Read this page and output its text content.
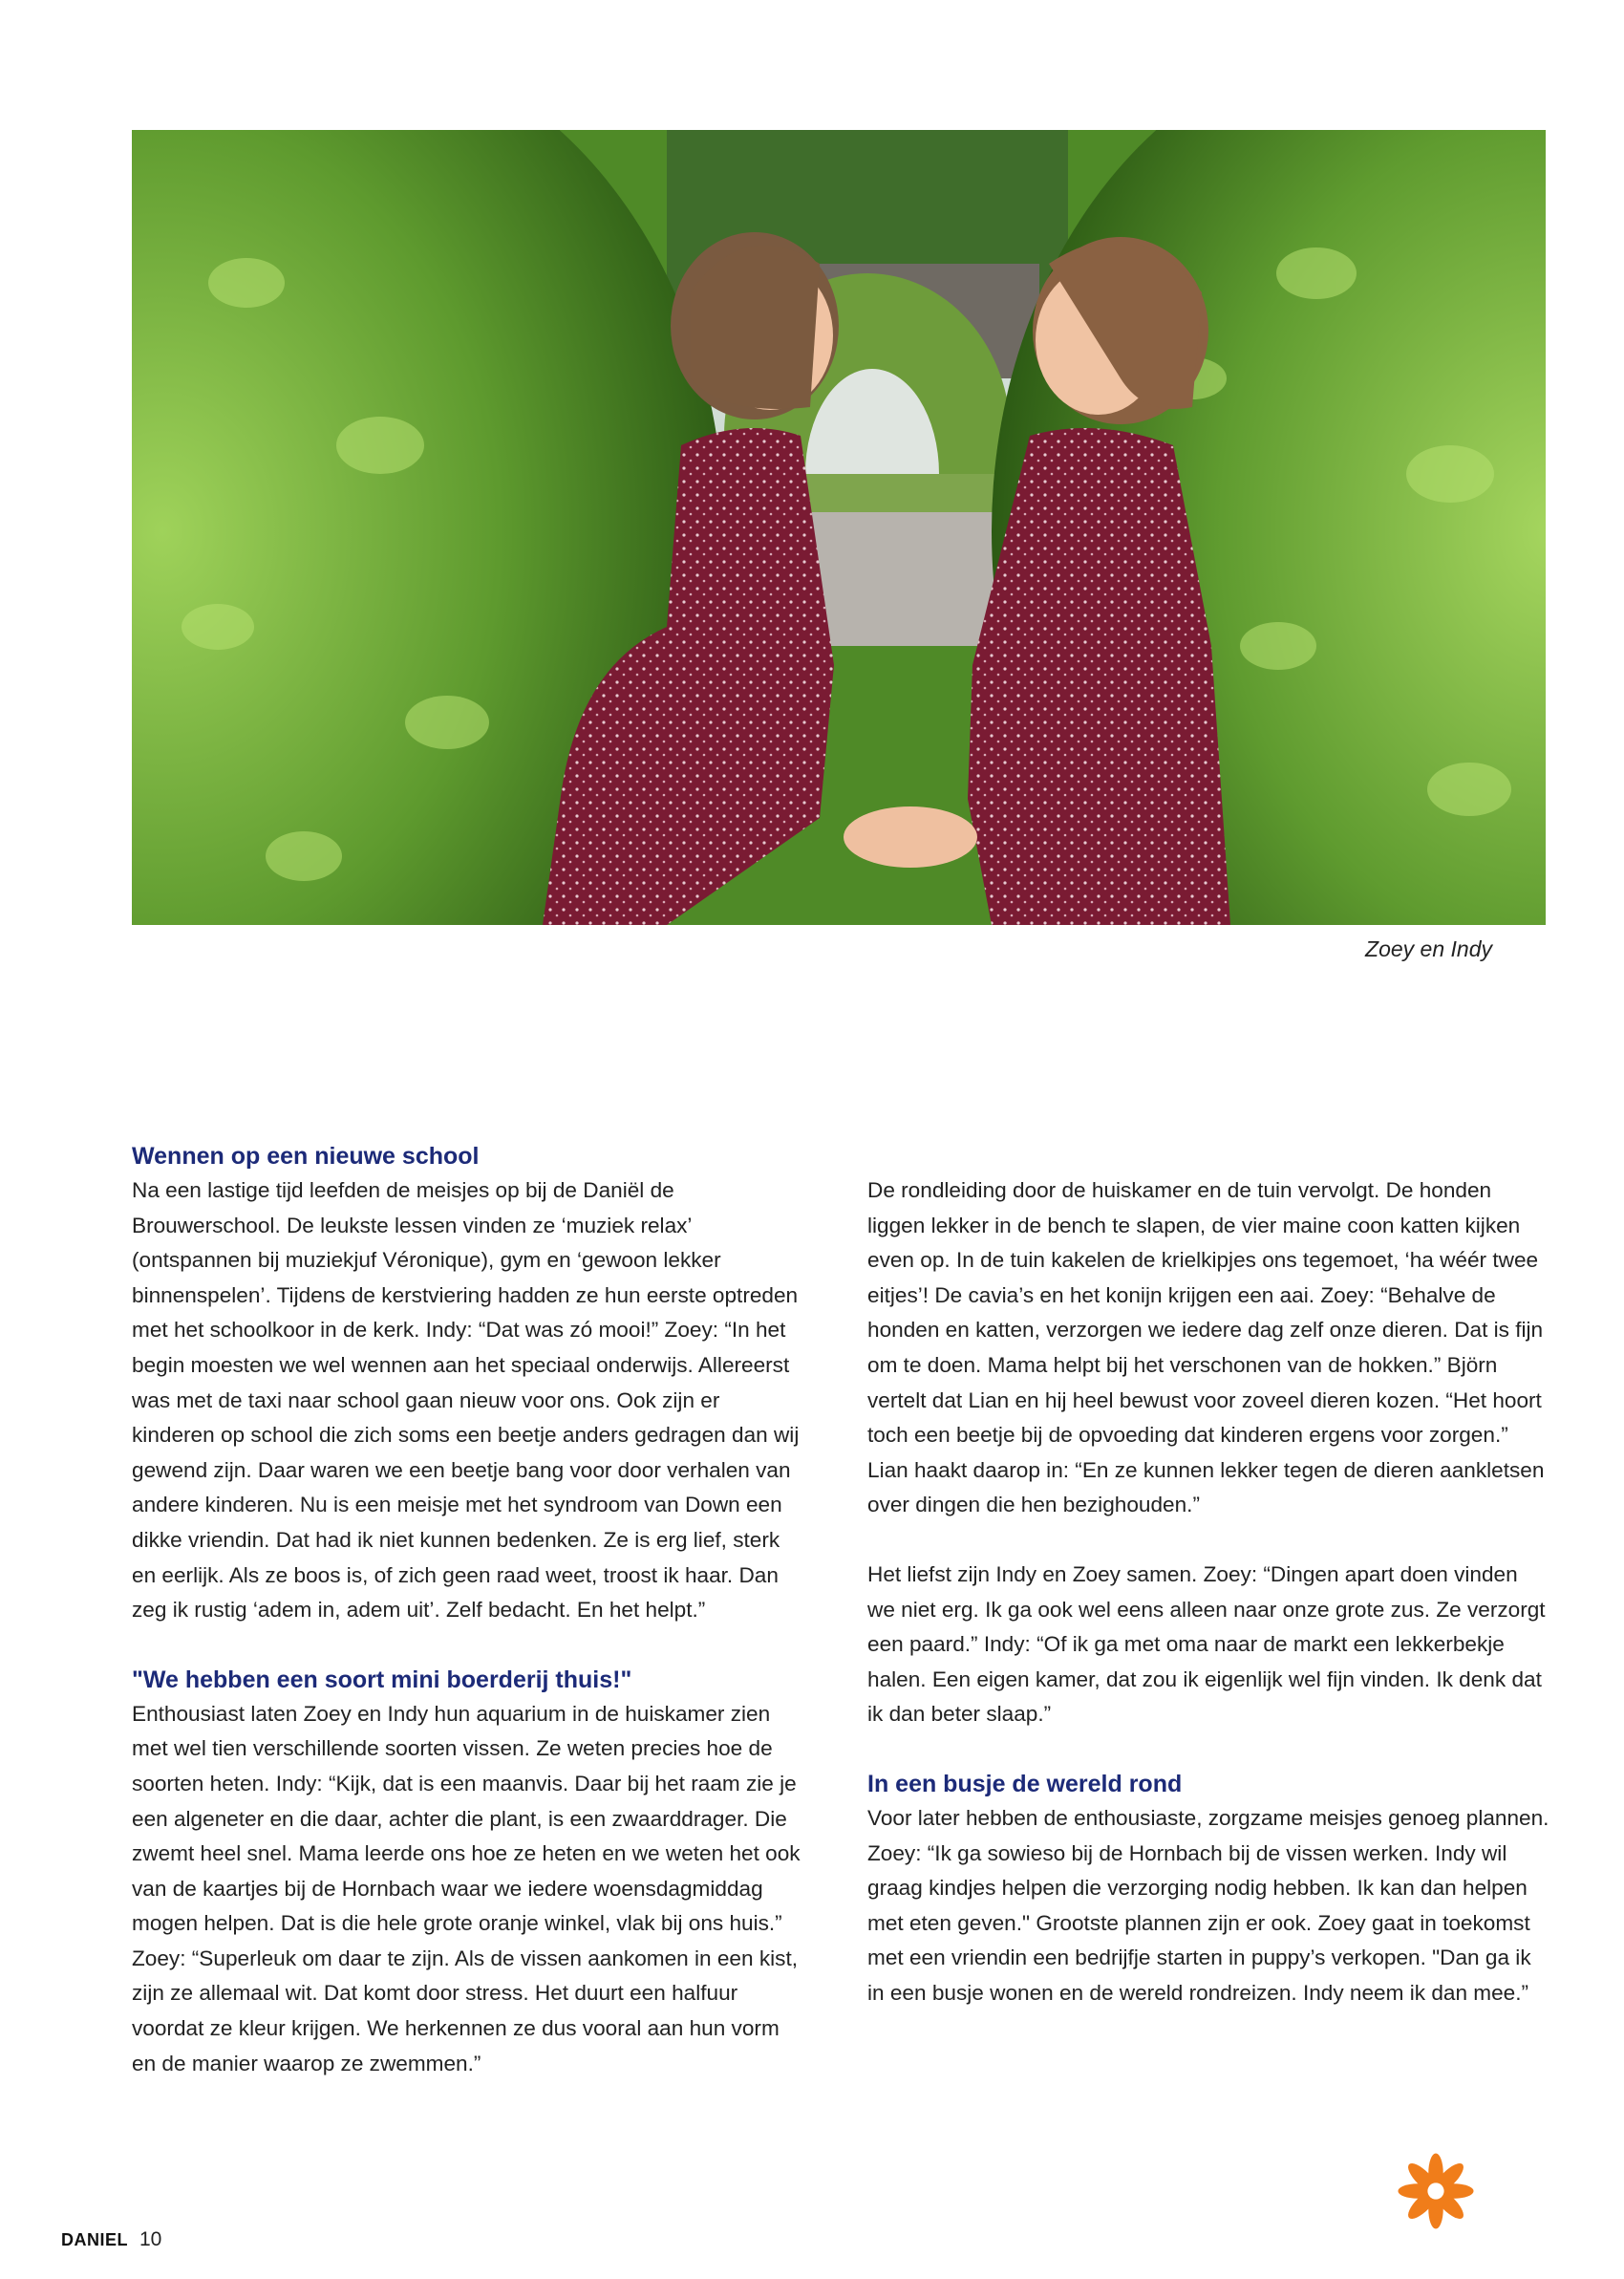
Zoey en Indy
Wennen op een nieuwe school

Na een lastige tijd leefden de meisjes op bij de Daniël de Brouwerschool. De leukste lessen vinden ze ‘muziek relax’ (ontspannen bij muziekjuf Véronique), gym en ‘gewoon lekker binnenspelen’. Tijdens de kerstviering hadden ze hun eerste optreden met het schoolkoor in de kerk. Indy: “Dat was zó mooi!” Zoey: “In het begin moesten we wel wennen aan het speciaal onderwijs. Allereerst was met de taxi naar school gaan nieuw voor ons. Ook zijn er kinderen op school die zich soms een beetje anders gedragen dan wij gewend zijn. Daar waren we een beetje bang voor door verhalen van andere kinderen. Nu is een meisje met het syndroom van Down een dikke vriendin. Dat had ik niet kunnen bedenken. Ze is erg lief, sterk en eerlijk. Als ze boos is, of zich geen raad weet, troost ik haar. Dan zeg ik rustig ‘adem in, adem uit’. Zelf bedacht. En het helpt.”

"We hebben een soort mini boerderij thuis!"

Enthousiast laten Zoey en Indy hun aquarium in de huiskamer zien met wel tien verschillende soorten vissen. Ze weten precies hoe de soorten heten. Indy: “Kijk, dat is een maanvis. Daar bij het raam zie je een algeneter en die daar, achter die plant, is een zwaarddrager. Die zwemt heel snel. Mama leerde ons hoe ze heten en we weten het ook van de kaartjes bij de Hornbach waar we iedere woensdagmiddag mogen helpen. Dat is die hele grote oranje winkel, vlak bij ons huis.” Zoey: “Superleuk om daar te zijn. Als de vissen aankomen in een kist, zijn ze allemaal wit. Dat komt door stress. Het duurt een halfuur voordat ze kleur krijgen. We herkennen ze dus vooral aan hun vorm en de manier waarop ze zwemmen.”

De rondleiding door de huiskamer en de tuin vervolgt. De honden liggen lekker in de bench te slapen, de vier maine coon katten kijken even op. In de tuin kakelen de krielkipjes ons tegemoet, ‘ha wéér twee eitjes’! De cavia’s en het konijn krijgen een aai. Zoey: “Behalve de honden en katten, verzorgen we iedere dag zelf onze dieren. Dat is fijn om te doen. Mama helpt bij het verschonen van de hokken.” Björn vertelt dat Lian en hij heel bewust voor zoveel dieren kozen. “Het hoort toch een beetje bij de opvoeding dat kinderen ergens voor zorgen.” Lian haakt daarop in: “En ze kunnen lekker tegen de dieren aankletsen over dingen die hen bezighouden.”

Het liefst zijn Indy en Zoey samen. Zoey: “Dingen apart doen vinden we niet erg. Ik ga ook wel eens alleen naar onze grote zus. Ze verzorgt een paard.” Indy: “Of ik ga met oma naar de markt een lekkerbekje halen. Een eigen kamer, dat zou ik eigenlijk wel fijn vinden. Ik denk dat ik dan beter slaap.”

In een busje de wereld rond

Voor later hebben de enthousiaste, zorgzame meisjes genoeg plannen. Zoey: “Ik ga sowieso bij de Hornbach bij de vissen werken. Indy wil graag kindjes helpen die verzorging nodig hebben. Ik kan dan helpen met eten geven." Grootste plannen zijn er ook. Zoey gaat in toekomst met een vriendin een bedrijfje starten in puppy’s verkopen. "Dan ga ik in een busje wonen en de wereld rondreizen. Indy neem ik dan mee.”

DANIEL 10
